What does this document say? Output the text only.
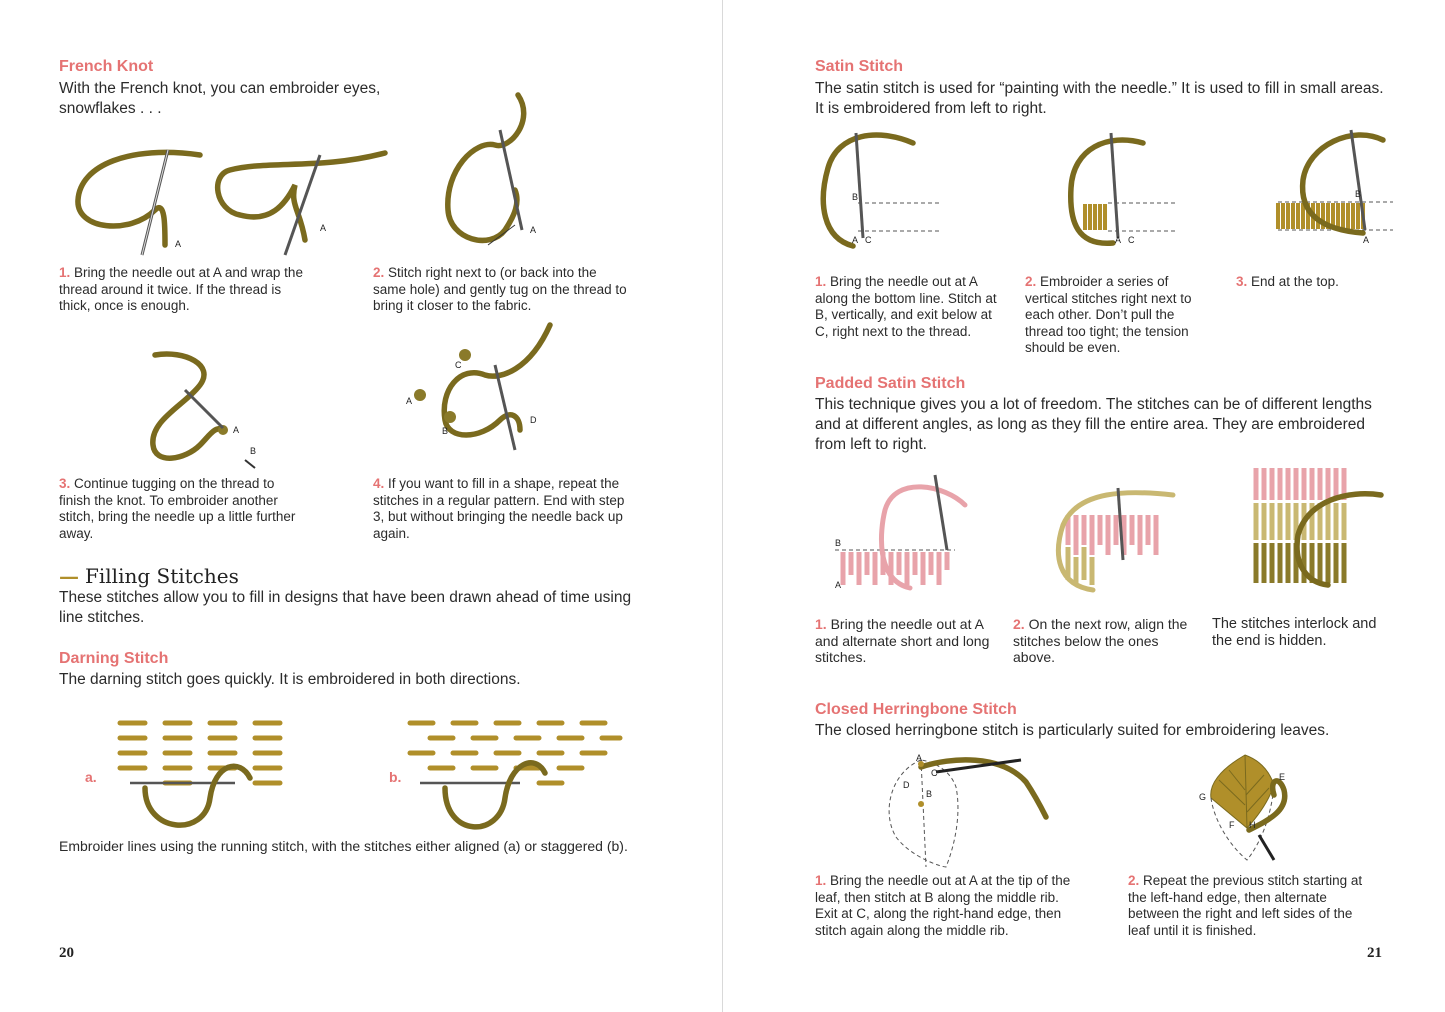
French Knot

With the French knot, you can embroider eyes, snowflakes . . .

A
A	A

1. Bring the needle out at A and wrap the thread around it twice. If the thread is thick, once is enough.

2. Stitch right next to (or back into the same hole) and gently tug on the thread to bring it closer to the fabric.

A
B
C
A
B
D

3. Continue tugging on the thread to finish the knot. To embroider another stitch, bring the needle up a little further away.

4. If you want to fill in a shape, repeat the stitches in a regular pattern. End with step 3, but without bringing the needle back up again.

— Filling Stitches

These stitches allow you to fill in designs that have been drawn ahead of time using line stitches.

Darning Stitch

The darning stitch goes quickly. It is embroidered in both directions.

a.	b.

Embroider lines using the running stitch, with the stitches either aligned (a) or staggered (b).

20

Satin Stitch

The satin stitch is used for “painting with the needle.” It is used to fill in small areas. It is embroidered from left to right.

B
A C	A C
B
A

1. Bring the needle out at A along the bottom line. Stitch at B, vertically, and exit below at C, right next to the thread.

2. Embroider a series of vertical stitches right next to each other. Don’t pull the thread too tight; the tension should be even.

3. End at the top.

Padded Satin Stitch

This technique gives you a lot of freedom. The stitches can be of different lengths and at different angles, as long as they fill the entire area. They are embroidered from left to right.

B
A

1. Bring the needle out at A and alternate short and long stitches.

2. On the next row, align the stitches below the ones above.

The stitches interlock and the end is hidden.

Closed Herringbone Stitch

The closed herringbone stitch is particularly suited for embroidering leaves.

A
B
C
D
G
E
F H

1. Bring the needle out at A at the tip of the leaf, then stitch at B along the middle rib. Exit at C, along the right-hand edge, then stitch again along the middle rib.

2. Repeat the previous stitch starting at the left-hand edge, then alternate between the right and left sides of the leaf until it is finished.

21
